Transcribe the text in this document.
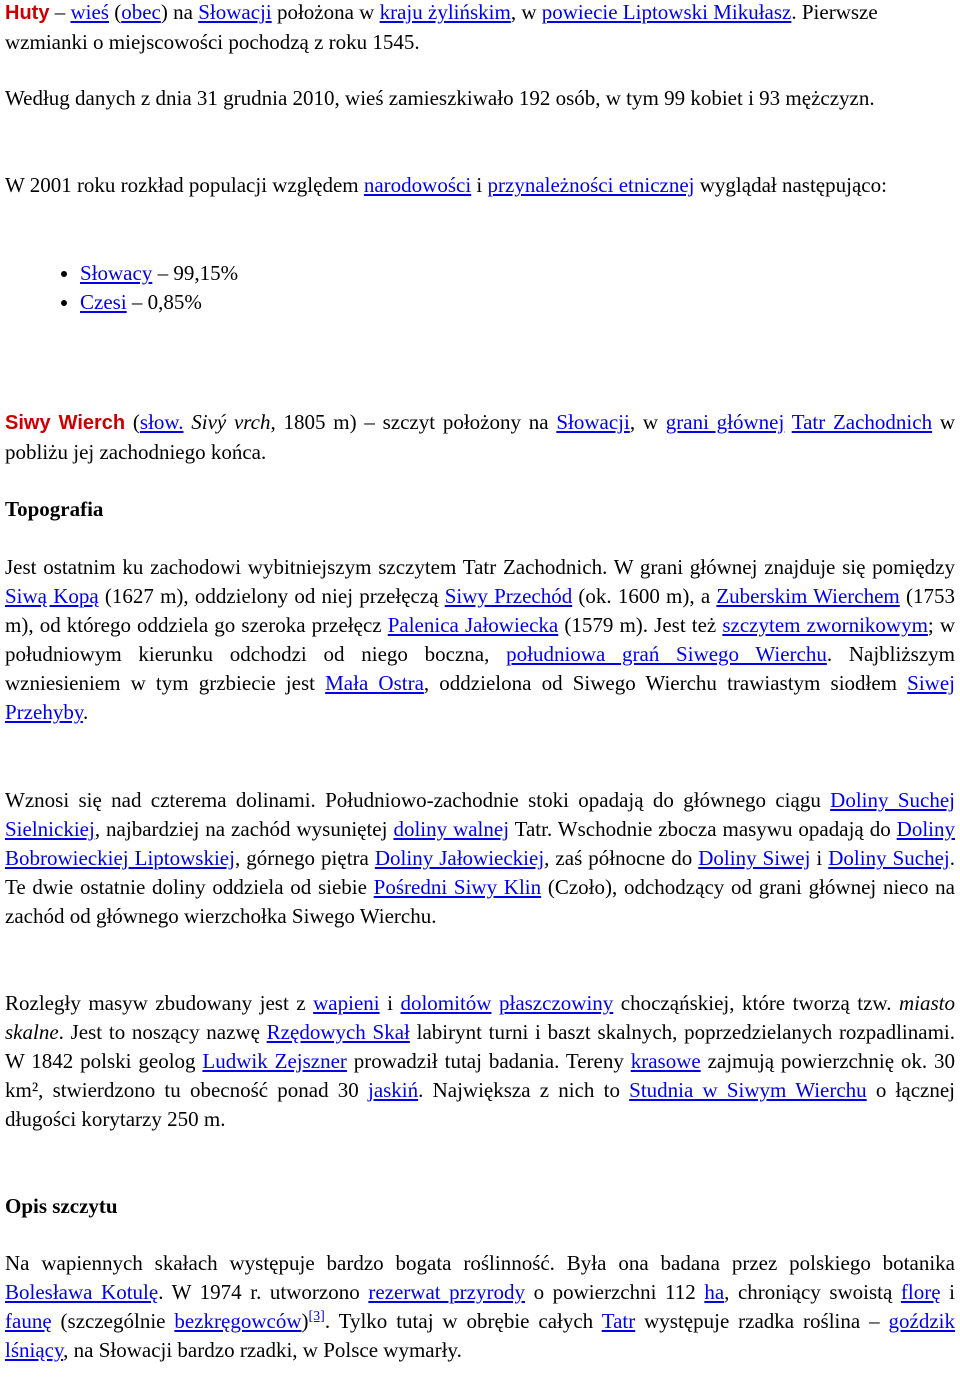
Huty – wieś (obec) na Słowacji położona w kraju żylińskim, w powiecie Liptowski Mikułasz. Pierwsze wzmianki o miejscowości pochodzą z roku 1545.

Według danych z dnia 31 grudnia 2010, wieś zamieszkiwało 192 osób, w tym 99 kobiet i 93 mężczyzn.

W 2001 roku rozkład populacji względem narodowości i przynależności etnicznej wyglądał następująco:

• Słowacy – 99,15%
• Czesi – 0,85%

Siwy Wierch (słow. Sivý vrch, 1805 m) – szczyt położony na Słowacji, w grani głównej Tatr Zachodnich w pobliżu jej zachodniego końca.

Topografia

Jest ostatnim ku zachodowi wybitniejszym szczytem Tatr Zachodnich. W grani głównej znajduje się pomiędzy Siwą Kopą (1627 m), oddzielony od niej przełęczą Siwy Przechód (ok. 1600 m), a Zuberskim Wierchem (1753 m), od którego oddziela go szeroka przełęcz Palenica Jałowiecka (1579 m). Jest też szczytem zwornikowym; w południowym kierunku odchodzi od niego boczna, południowa grań Siwego Wierchu. Najbliższym wzniesieniem w tym grzbiecie jest Mała Ostra, oddzielona od Siwego Wierchu trawiastym siodłem Siwej Przehyby.

Wznosi się nad czterema dolinami. Południowo-zachodnie stoki opadają do głównego ciągu Doliny Suchej Sielnickiej, najbardziej na zachód wysuniętej doliny walnej Tatr. Wschodnie zbocza masywu opadają do Doliny Bobrowieckiej Liptowskiej, górnego piętra Doliny Jałowieckiej, zaś północne do Doliny Siwej i Doliny Suchej. Te dwie ostatnie doliny oddziela od siebie Pośredni Siwy Klin (Czoło), odchodzący od grani głównej nieco na zachód od głównego wierzchołka Siwego Wierchu.

Rozległy masyw zbudowany jest z wapieni i dolomitów płaszczowiny chocząńskiej, które tworzą tzw. miasto skalne. Jest to noszący nazwę Rzędowych Skał labirynt turni i baszt skalnych, poprzedzielanych rozpadlinami. W 1842 polski geolog Ludwik Zejszner prowadził tutaj badania. Tereny krasowe zajmują powierzchnię ok. 30 km², stwierdzono tu obecność ponad 30 jaskiń. Największa z nich to Studnia w Siwym Wierchu o łącznej długości korytarzy 250 m.

Opis szczytu

Na wapiennych skałach występuje bardzo bogata roślinność. Była ona badana przez polskiego botanika Bolesława Kotulę. W 1974 r. utworzono rezerwat przyrody o powierzchni 112 ha, chroniący swoistą florę i faunę (szczególnie bezkręgowców)[3]. Tylko tutaj w obrębie całych Tatr występuje rzadka roślina – goździk lśniący, na Słowacji bardzo rzadki, w Polsce wymarły.
